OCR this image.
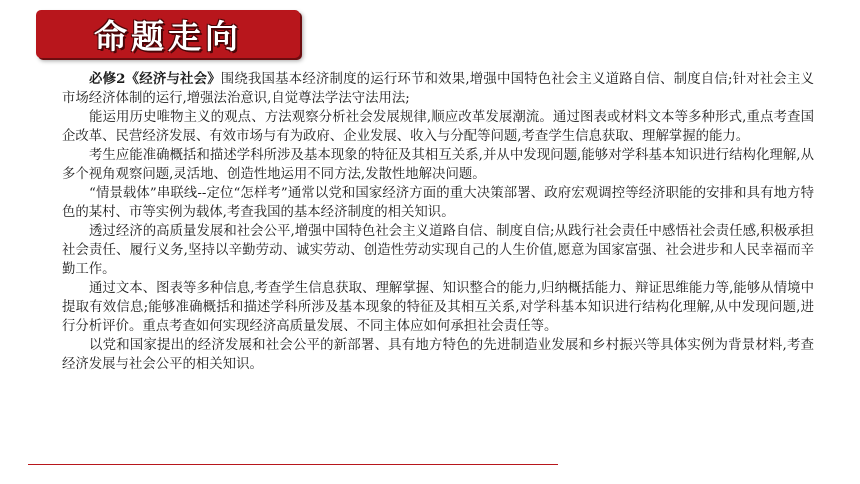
命题走向

必修2《经济与社会》围绕我国基本经济制度的运行环节和效果,增强中国特色社会主义道路自信、制度自信;针对社会主义市场经济体制的运行,增强法治意识,自觉尊法学法守法用法;

能运用历史唯物主义的观点、方法观察分析社会发展规律,顺应改革发展潮流。通过图表或材料文本等多种形式,重点考查国企改革、民营经济发展、有效市场与有为政府、企业发展、收入与分配等问题,考查学生信息获取、理解掌握的能力。

考生应能准确概括和描述学科所涉及基本现象的特征及其相互关系,并从中发现问题,能够对学科基本知识进行结构化理解,从多个视角观察问题,灵活地、创造性地运用不同方法,发散性地解决问题。

“情景载体”串联线--定位“怎样考”通常以党和国家经济方面的重大决策部署、政府宏观调控等经济职能的安排和具有地方特色的某村、市等实例为载体,考查我国的基本经济制度的相关知识。

透过经济的高质量发展和社会公平,增强中国特色社会主义道路自信、制度自信;从践行社会责任中感悟社会责任感,积极承担社会责任、履行义务,坚持以辛勤劳动、诚实劳动、创造性劳动实现自己的人生价值,愿意为国家富强、社会进步和人民幸福而辛勤工作。

通过文本、图表等多种信息,考查学生信息获取、理解掌握、知识整合的能力,归纳概括能力、辩证思维能力等,能够从情境中提取有效信息;能够准确概括和描述学科所涉及基本现象的特征及其相互关系,对学科基本知识进行结构化理解,从中发现问题,进行分析评价。重点考查如何实现经济高质量发展、不同主体应如何承担社会责任等。

以党和国家提出的经济发展和社会公平的新部署、具有地方特色的先进制造业发展和乡村振兴等具体实例为背景材料,考查经济发展与社会公平的相关知识。
